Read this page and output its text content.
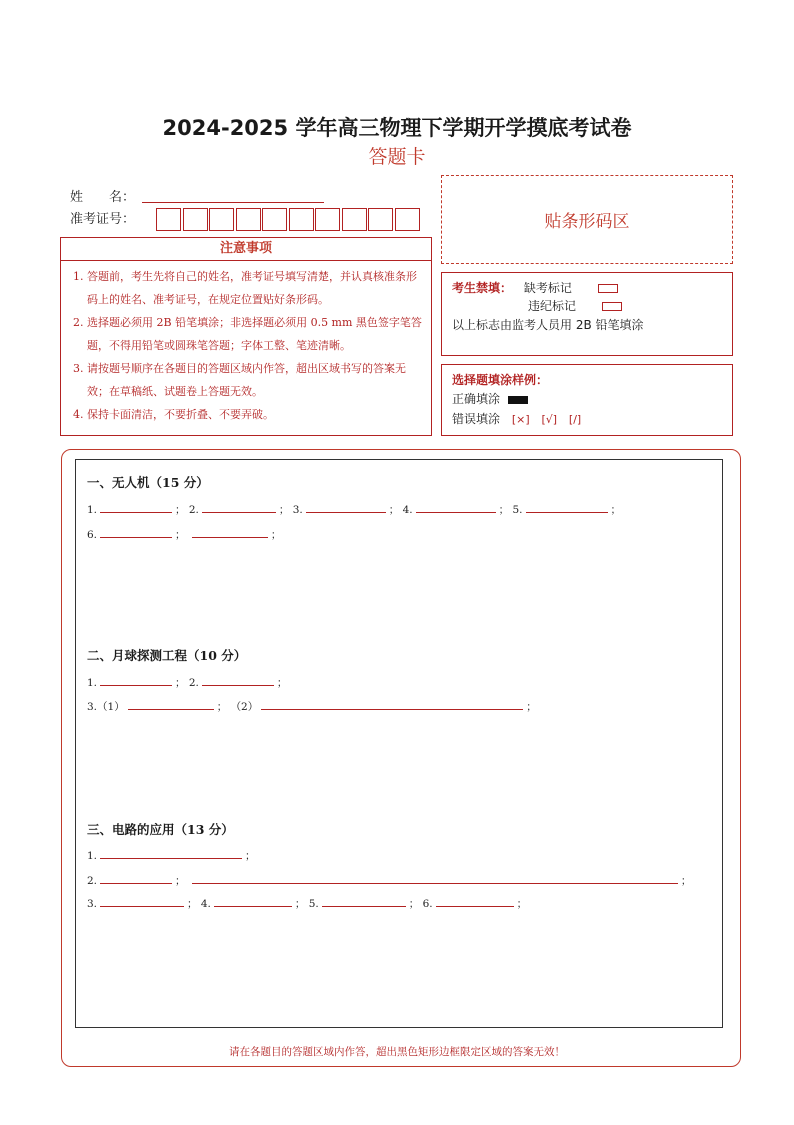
2024-2025 学年高三物理下学期开学摸底考试卷
答题卡
姓　　名：
准考证号：	贴条形码区
注意事项
1. 答题前，考生先将自己的姓名，准考证号填写清楚，并认真核准条形码上的姓名、准考证号，在规定位置贴好条形码。
2. 选择题必须用 2B 铅笔填涂；非选择题必须用 0.5 mm 黑色签字笔答题，不得用铅笔或圆珠笔答题；字体工整、笔迹清晰。
3. 请按题号顺序在各题目的答题区域内作答，超出区域书写的答案无效；在草稿纸、试题卷上答题无效。
4. 保持卡面清洁，不要折叠、不要弄破。
考生禁填： 缺考标记
违纪标记
以上标志由监考人员用 2B 铅笔填涂
选择题填涂样例：
正确填涂
错误填涂 [×] [√] [/]
一、无人机（15 分）
1.	； 2.	； 3.	； 4.	； 5.	；
6.	；	；
二、月球探测工程（10 分）
1.	； 2.	；
3.（1）	； （2）	；
三、电路的应用（13 分）
1.	；
2.	；	；
3.	； 4.	； 5.	； 6.	；
请在各题目的答题区域内作答，超出黑色矩形边框限定区域的答案无效！
